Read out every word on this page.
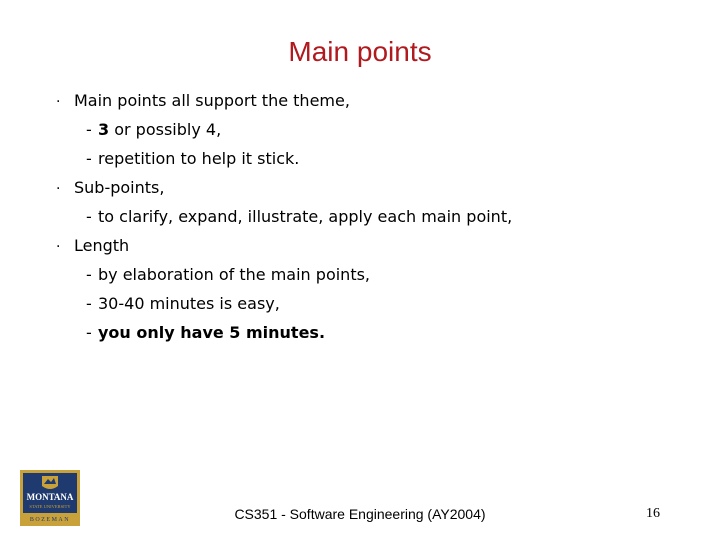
Main points
· Main points all support the theme,
- 3 or possibly 4,
- repetition to help it stick.
· Sub-points,
- to clarify, expand, illustrate, apply each main point,
· Length
- by elaboration of the main points,
- 30-40 minutes is easy,
- you only have 5 minutes.
MONTANA
STATE UNIVERSITY
BOZEMAN	CS351 - Software Engineering (AY2004)	16
